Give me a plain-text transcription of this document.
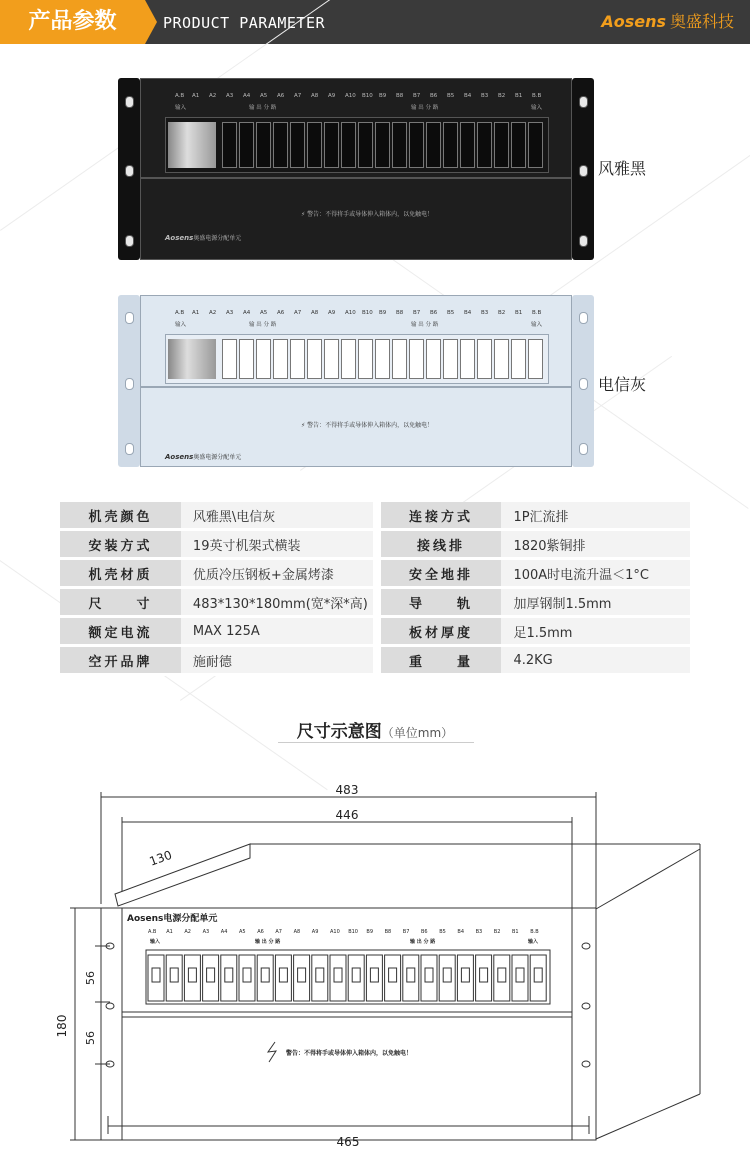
产品参数	PRODUCT PARAMETER	Aosens 奥盛科技
A.B A1 A2 A3 A4 A5 A6 A7 A8 A9 A10 B10 B9 B8 B7 B6 B5 B4 B3 B2 B1 B.B
输入	输入
输 出 分 路	输 出 分 路
⚡ 警告：不得将手或导体伸入箱体内，以免触电！
Aosens奥盛电源分配单元
风雅黑
A.B A1 A2 A3 A4 A5 A6 A7 A8 A9 A10 B10 B9 B8 B7 B6 B5 B4 B3 B2 B1 B.B
输入	输入
输 出 分 路	输 出 分 路
⚡ 警告：不得将手或导体伸入箱体内，以免触电！
Aosens奥盛电源分配单元
电信灰
机壳颜色	风雅黑\电信灰		连接方式	1P汇流排
安装方式	19英寸机架式横装		接线排	1820紫铜排
机壳材质	优质冷压钢板+金属烤漆		安全地排	100A时电流升温＜1°C
尺　　寸	483*130*180mm(宽*深*高)		导　　轨	加厚钢制1.5mm
额定电流	MAX 125A		板材厚度	足1.5mm
空开品牌	施耐德		重　　量	4.2KG
尺寸示意图（单位mm）
A.B A1 A2 A3 A4 A5 A6 A7 A8 A9 A10 B10 B9 B8 B7 B6 B5 B4 B3 B2 B1 B.B
输入	输入
输 出 分 路	输 出 分 路
483
446
130
180
56
56
465
Aosens电源分配单元
警告：不得将手或导体伸入箱体内，以免触电！
